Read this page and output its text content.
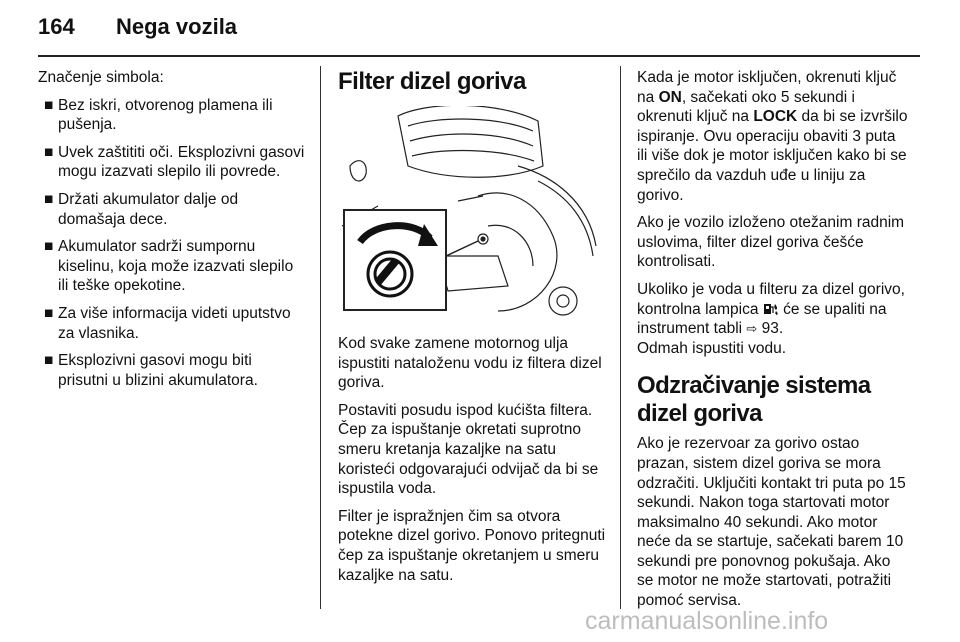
164 Nega vozila

Značenje simbola:

■ Bez iskri, otvorenog plamena ili pušenja.
■ Uvek zaštititi oči. Eksplozivni gasovi mogu izazvati slepilo ili povrede.
■ Držati akumulator dalje od domašaja dece.
■ Akumulator sadrži sumpornu kiselinu, koja može izazvati slepilo ili teške opekotine.
■ Za više informacija videti uputstvo za vlasnika.
■ Eksplozivni gasovi mogu biti prisutni u blizini akumulatora.
Filter dizel goriva

Kod svake zamene motornog ulja ispustiti nataloženu vodu iz filtera dizel goriva.

Postaviti posudu ispod kućišta filtera. Čep za ispuštanje okretati suprotno smeru kretanja kazaljke na satu koristeći odgovarajući odvijač da bi se ispustila voda.

Filter je ispražnjen čim sa otvora potekne dizel gorivo. Ponovo pritegnuti čep za ispuštanje okretanjem u smeru kazaljke na satu.

Kada je motor isključen, okrenuti ključ na ON, sačekati oko 5 sekundi i okrenuti ključ na LOCK da bi se izvršilo ispiranje. Ovu operaciju obaviti 3 puta ili više dok je motor isključen kako bi se sprečilo da vazduh uđe u liniju za gorivo.

Ako je vozilo izloženo otežanim radnim uslovima, filter dizel goriva češće kontrolisati.

Ukoliko je voda u filteru za dizel gorivo, kontrolna lampica  će se upaliti na instrument tabli ⇨ 93.
Odmah ispustiti vodu.

Odzračivanje sistema dizel goriva

Ako je rezervoar za gorivo ostao prazan, sistem dizel goriva se mora odzračiti. Uključiti kontakt tri puta po 15 sekundi. Nakon toga startovati motor maksimalno 40 sekundi. Ako motor neće da se startuje, sačekati barem 10 sekundi pre ponovnog pokušaja. Ako se motor ne može startovati, potražiti pomoć servisa.

carmanualsonline.info
